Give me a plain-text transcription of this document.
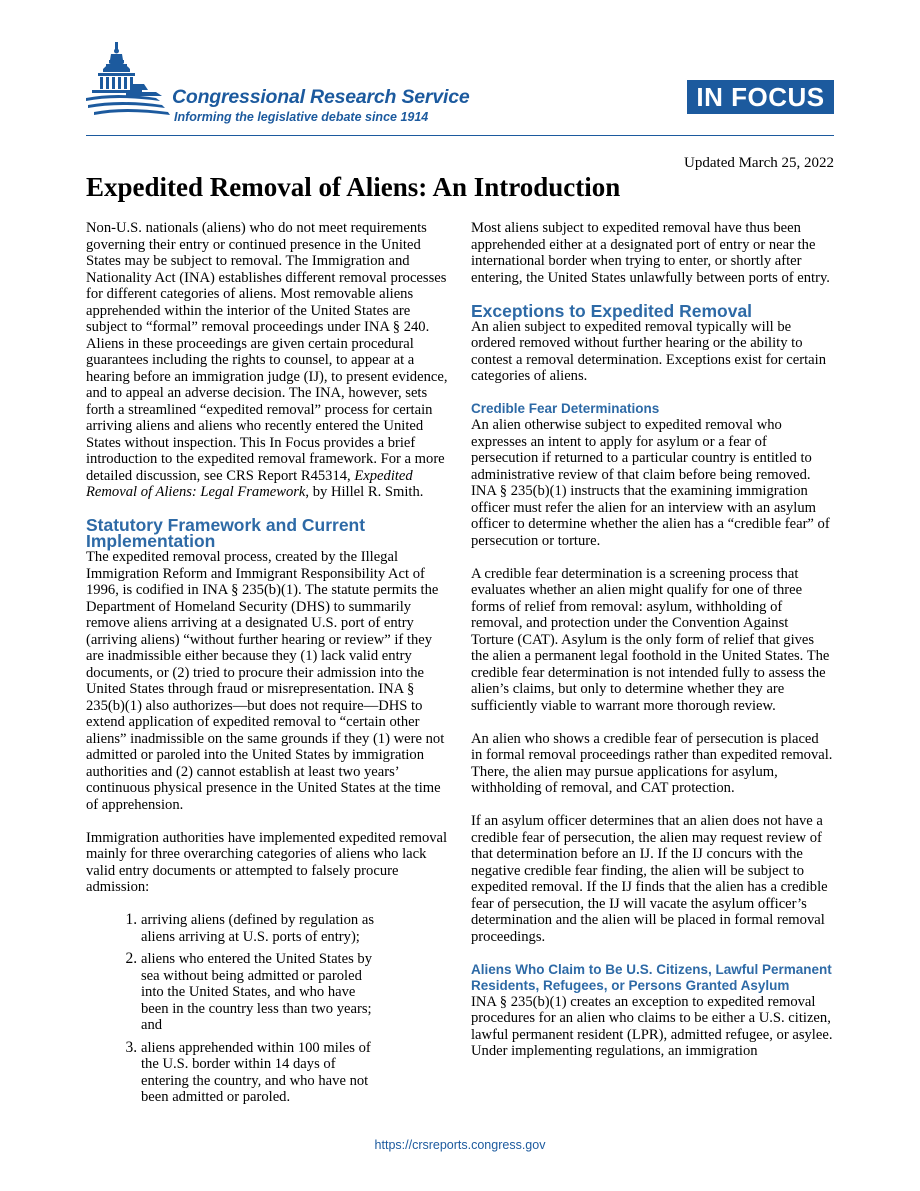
Congressional Research Service
Informing the legislative debate since 1914
IN FOCUS
Updated March 25, 2022
Expedited Removal of Aliens: An Introduction

Non-U.S. nationals (aliens) who do not meet requirements governing their entry or continued presence in the United States may be subject to removal. The Immigration and Nationality Act (INA) establishes different removal processes for different categories of aliens. Most removable aliens apprehended within the interior of the United States are subject to “formal” removal proceedings under INA § 240. Aliens in these proceedings are given certain procedural guarantees including the rights to counsel, to appear at a hearing before an immigration judge (IJ), to present evidence, and to appeal an adverse decision. The INA, however, sets forth a streamlined “expedited removal” process for certain arriving aliens and aliens who recently entered the United States without inspection. This In Focus provides a brief introduction to the expedited removal framework. For a more detailed discussion, see CRS Report R45314, Expedited Removal of Aliens: Legal Framework, by Hillel R. Smith.

Statutory Framework and Current Implementation

The expedited removal process, created by the Illegal Immigration Reform and Immigrant Responsibility Act of 1996, is codified in INA § 235(b)(1). The statute permits the Department of Homeland Security (DHS) to summarily remove aliens arriving at a designated U.S. port of entry (arriving aliens) “without further hearing or review” if they are inadmissible either because they (1) lack valid entry documents, or (2) tried to procure their admission into the United States through fraud or misrepresentation. INA § 235(b)(1) also authorizes—but does not require—DHS to extend application of expedited removal to “certain other aliens” inadmissible on the same grounds if they (1) were not admitted or paroled into the United States by immigration authorities and (2) cannot establish at least two years’ continuous physical presence in the United States at the time of apprehension.

Immigration authorities have implemented expedited removal mainly for three overarching categories of aliens who lack valid entry documents or attempted to falsely procure admission:

1. arriving aliens (defined by regulation as aliens arriving at U.S. ports of entry);
2. aliens who entered the United States by sea without being admitted or paroled into the United States, and who have been in the country less than two years; and
3. aliens apprehended within 100 miles of the U.S. border within 14 days of entering the country, and who have not been admitted or paroled.

Most aliens subject to expedited removal have thus been apprehended either at a designated port of entry or near the international border when trying to enter, or shortly after entering, the United States unlawfully between ports of entry.

Exceptions to Expedited Removal

An alien subject to expedited removal typically will be ordered removed without further hearing or the ability to contest a removal determination. Exceptions exist for certain categories of aliens.

Credible Fear Determinations

An alien otherwise subject to expedited removal who expresses an intent to apply for asylum or a fear of persecution if returned to a particular country is entitled to administrative review of that claim before being removed. INA § 235(b)(1) instructs that the examining immigration officer must refer the alien for an interview with an asylum officer to determine whether the alien has a “credible fear” of persecution or torture.

A credible fear determination is a screening process that evaluates whether an alien might qualify for one of three forms of relief from removal: asylum, withholding of removal, and protection under the Convention Against Torture (CAT). Asylum is the only form of relief that gives the alien a permanent legal foothold in the United States. The credible fear determination is not intended fully to assess the alien’s claims, but only to determine whether they are sufficiently viable to warrant more thorough review.

An alien who shows a credible fear of persecution is placed in formal removal proceedings rather than expedited removal. There, the alien may pursue applications for asylum, withholding of removal, and CAT protection.

If an asylum officer determines that an alien does not have a credible fear of persecution, the alien may request review of that determination before an IJ. If the IJ concurs with the negative credible fear finding, the alien will be subject to expedited removal. If the IJ finds that the alien has a credible fear of persecution, the IJ will vacate the asylum officer’s determination and the alien will be placed in formal removal proceedings.

Aliens Who Claim to Be U.S. Citizens, Lawful Permanent Residents, Refugees, or Persons Granted Asylum

INA § 235(b)(1) creates an exception to expedited removal procedures for an alien who claims to be either a U.S. citizen, lawful permanent resident (LPR), admitted refugee, or asylee. Under implementing regulations, an immigration

https://crsreports.congress.gov
